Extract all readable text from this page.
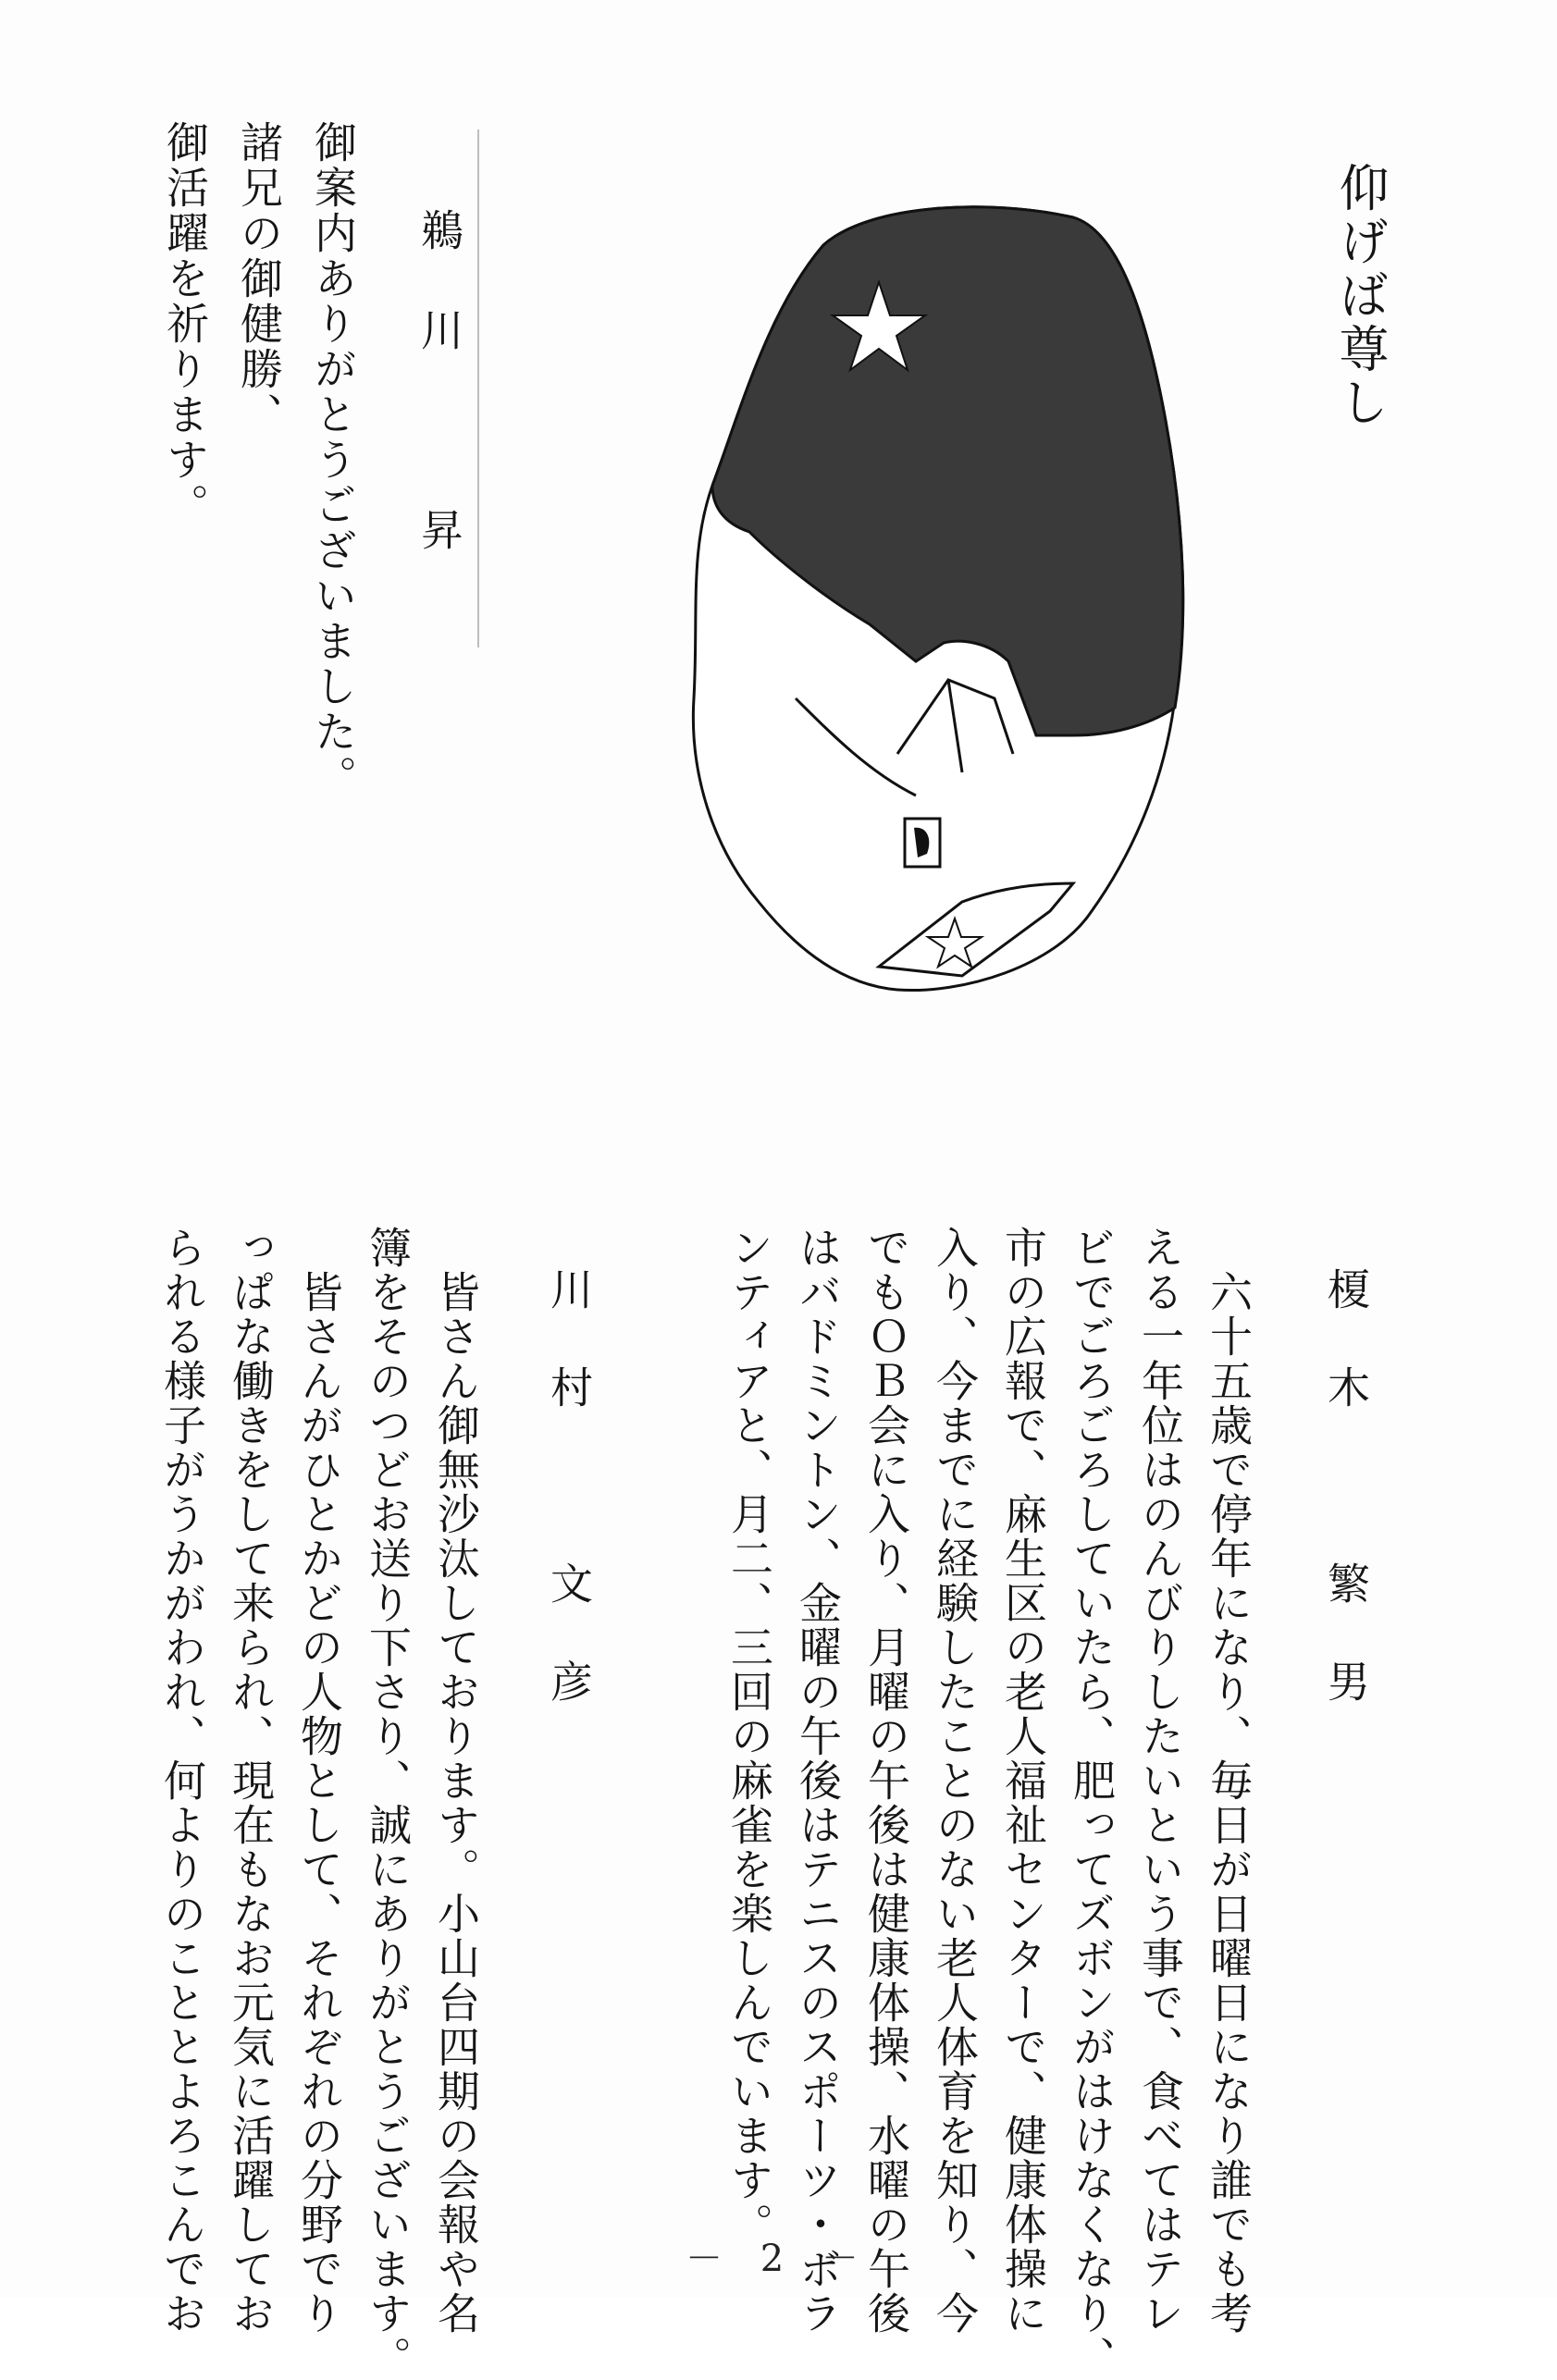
仰げば尊し
鵜川　昇
御案内ありがとうございました。
諸兄の御健勝、
御活躍を祈ります。
榎木　繁男
　六十五歳で停年になり、毎日が日曜日になり誰でも考
える一年位はのんびりしたいという事で、食べてはテレ
ビでごろごろしていたら、肥ってズボンがはけなくなり、
市の広報で、麻生区の老人福祉センターで、健康体操に
入り、今までに経験したことのない老人体育を知り、今
でもＯＢ会に入り、月曜の午後は健康体操、水曜の午後
はバドミントン、金曜の午後はテニスのスポーツ・ボラ
ンティアと、月二、三回の麻雀を楽しんでいます。
川村　文彦
　皆さん御無沙汰しております。小山台四期の会報や名
簿をそのつどお送り下さり、誠にありがとうございます。
　皆さんがひとかどの人物として、それぞれの分野でり
っぱな働きをして来られ、現在もなお元気に活躍してお
られる様子がうかがわれ、何よりのこととよろこんでお	－ 2 －
